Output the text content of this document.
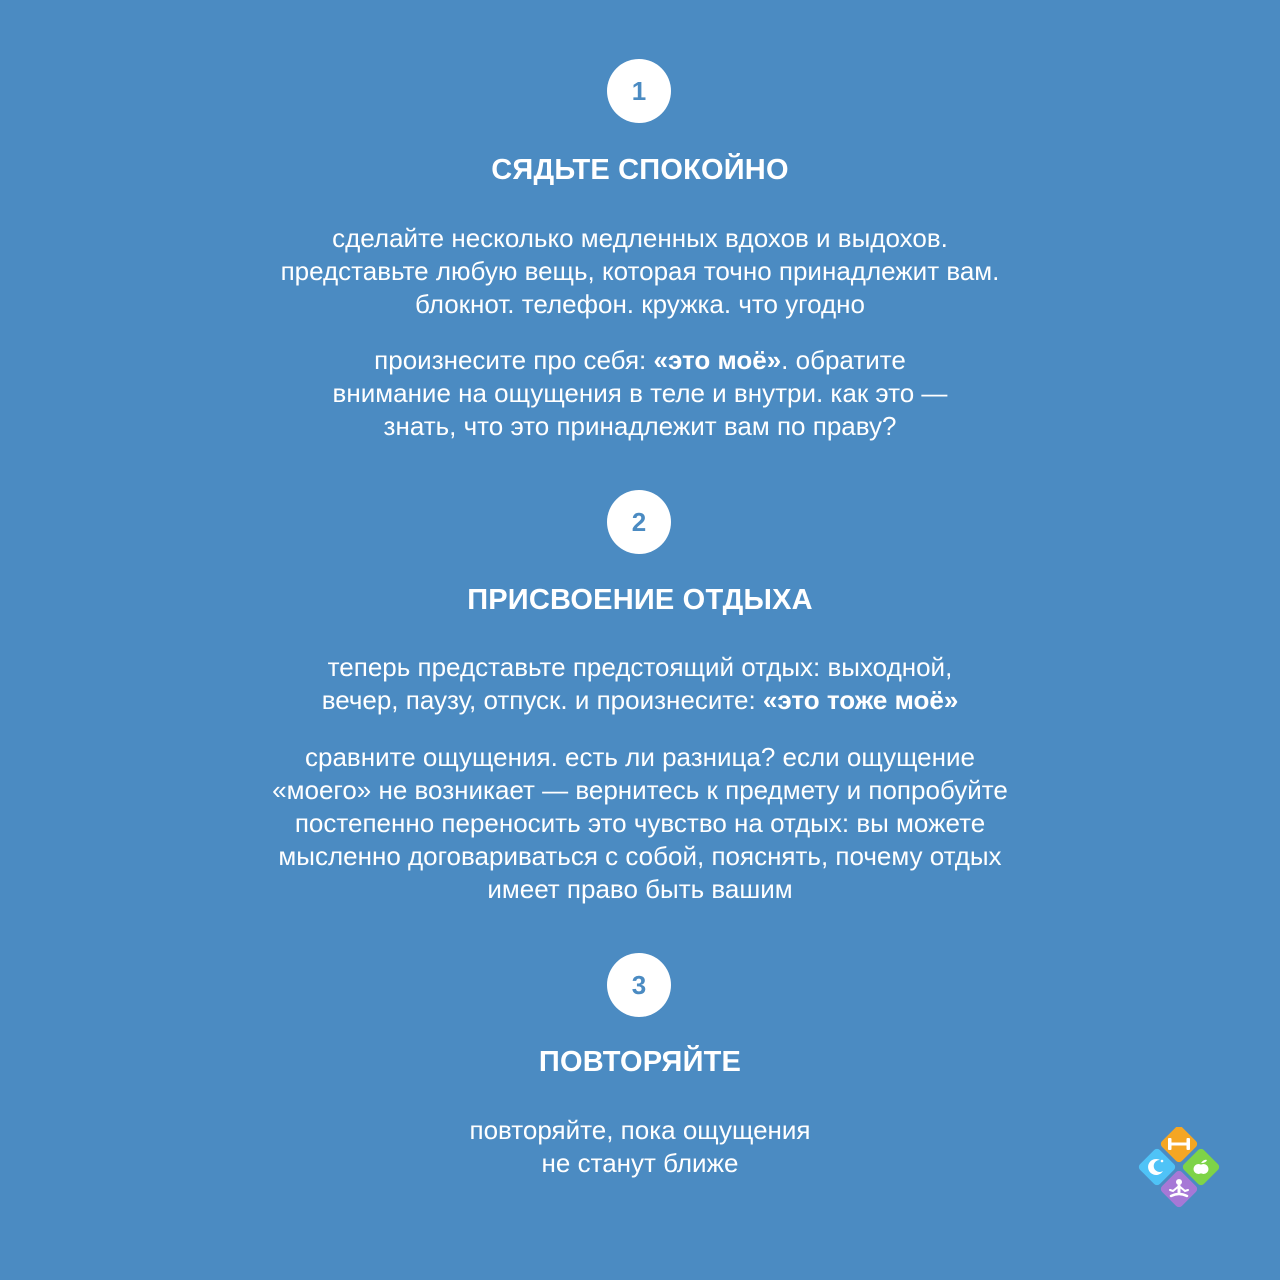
1
СЯДЬТЕ СПОКОЙНО
сделайте несколько медленных вдохов и выдохов.
представьте любую вещь, которая точно принадлежит вам.
блокнот. телефон. кружка. что угодно
произнесите про себя: «это моё». обратите
внимание на ощущения в теле и внутри. как это —
знать, что это принадлежит вам по праву?
2
ПРИСВОЕНИЕ ОТДЫХА
теперь представьте предстоящий отдых: выходной,
вечер, паузу, отпуск. и произнесите: «это тоже моё»
сравните ощущения. есть ли разница? если ощущение
«моего» не возникает — вернитесь к предмету и попробуйте
постепенно переносить это чувство на отдых: вы можете
мысленно договариваться с собой, пояснять, почему отдых
имеет право быть вашим
3
ПОВТОРЯЙТЕ
повторяйте, пока ощущения
не станут ближе
